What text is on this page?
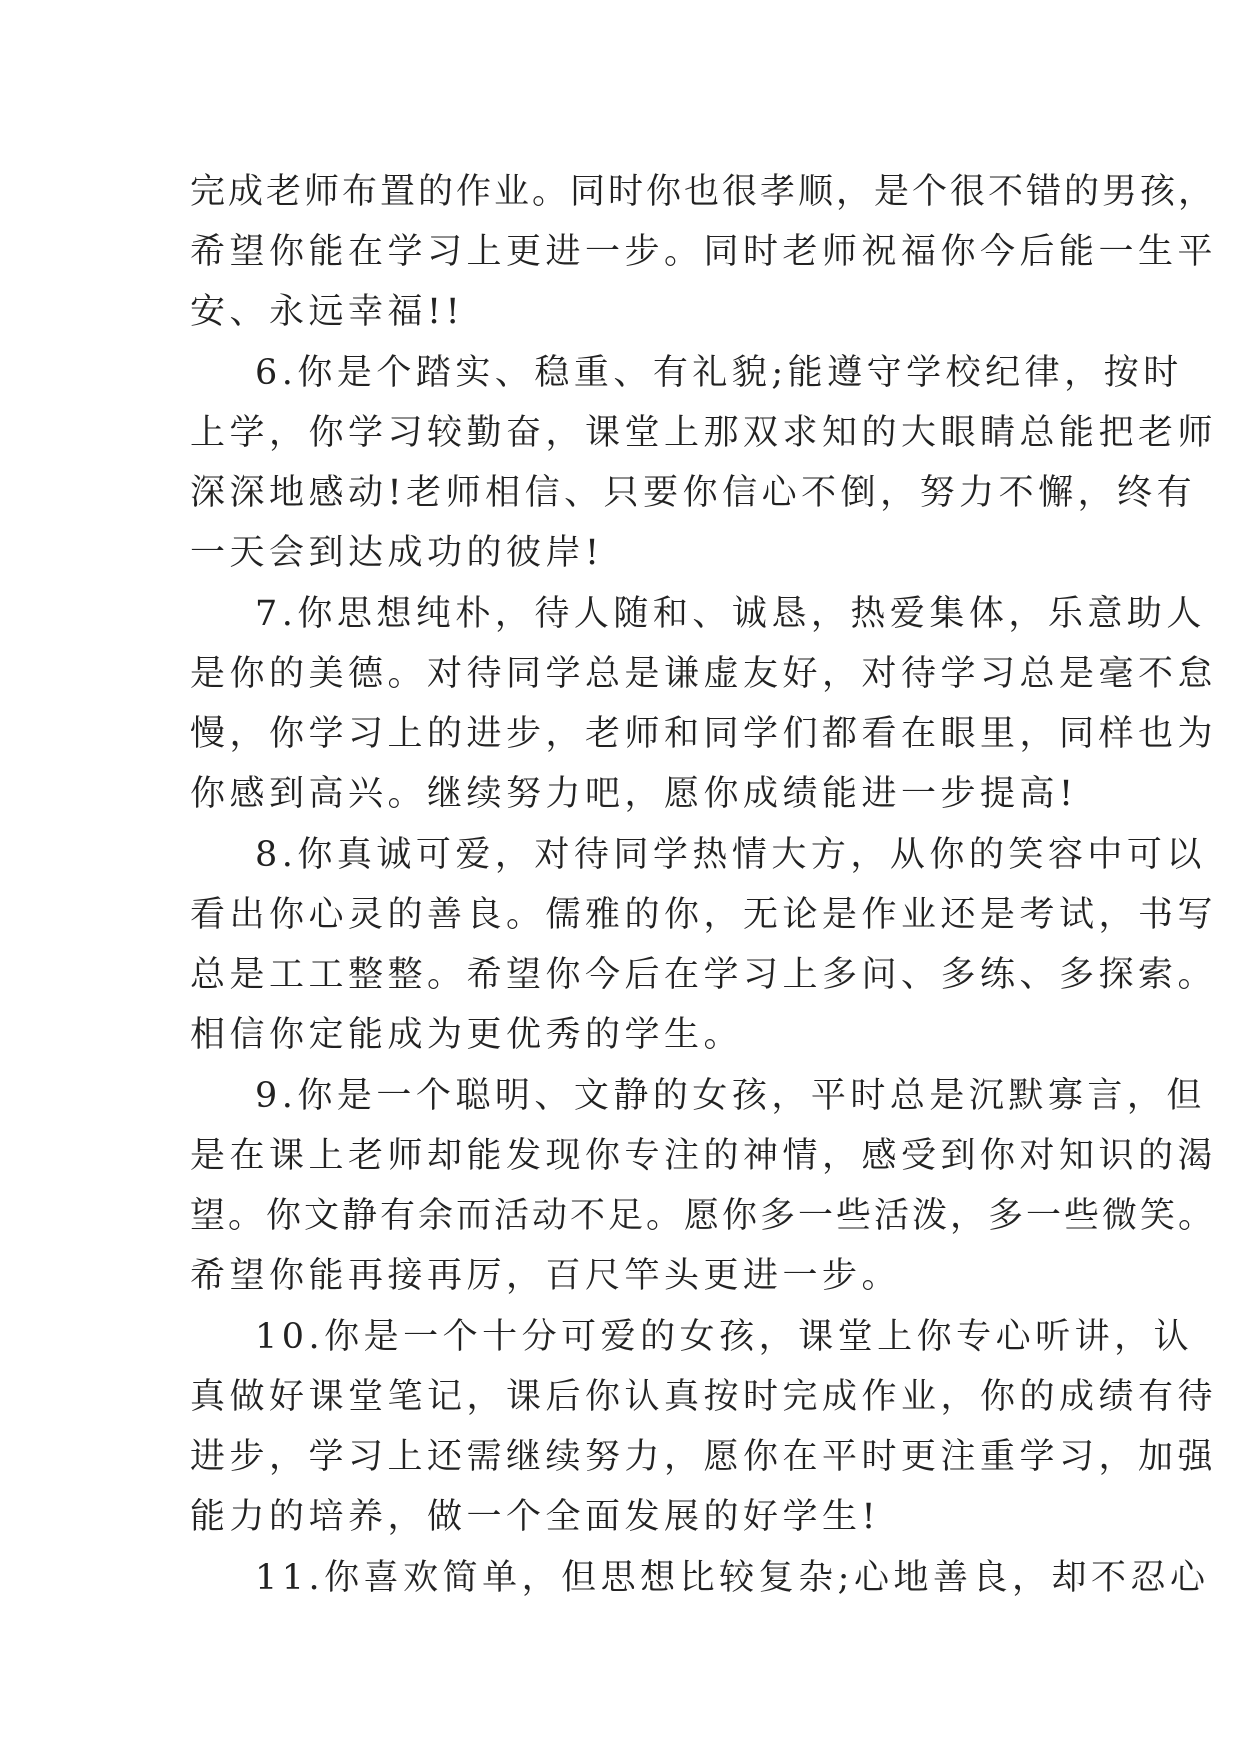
完成老师布置的作业。同时你也很孝顺，是个很不错的男孩，
希望你能在学习上更进一步。同时老师祝福你今后能一生平
安、永远幸福!!
6.你是个踏实、稳重、有礼貌;能遵守学校纪律，按时
上学，你学习较勤奋，课堂上那双求知的大眼睛总能把老师
深深地感动!老师相信、只要你信心不倒，努力不懈，终有
一天会到达成功的彼岸!
7.你思想纯朴，待人随和、诚恳，热爱集体，乐意助人
是你的美德。对待同学总是谦虚友好，对待学习总是毫不怠
慢，你学习上的进步，老师和同学们都看在眼里，同样也为
你感到高兴。继续努力吧，愿你成绩能进一步提高!
8.你真诚可爱，对待同学热情大方，从你的笑容中可以
看出你心灵的善良。儒雅的你，无论是作业还是考试，书写
总是工工整整。希望你今后在学习上多问、多练、多探索。
相信你定能成为更优秀的学生。
9.你是一个聪明、文静的女孩，平时总是沉默寡言，但
是在课上老师却能发现你专注的神情，感受到你对知识的渴
望。你文静有余而活动不足。愿你多一些活泼，多一些微笑。
希望你能再接再厉，百尺竿头更进一步。
10.你是一个十分可爱的女孩，课堂上你专心听讲，认
真做好课堂笔记，课后你认真按时完成作业，你的成绩有待
进步，学习上还需继续努力，愿你在平时更注重学习，加强
能力的培养，做一个全面发展的好学生!
11.你喜欢简单，但思想比较复杂;心地善良，却不忍心
